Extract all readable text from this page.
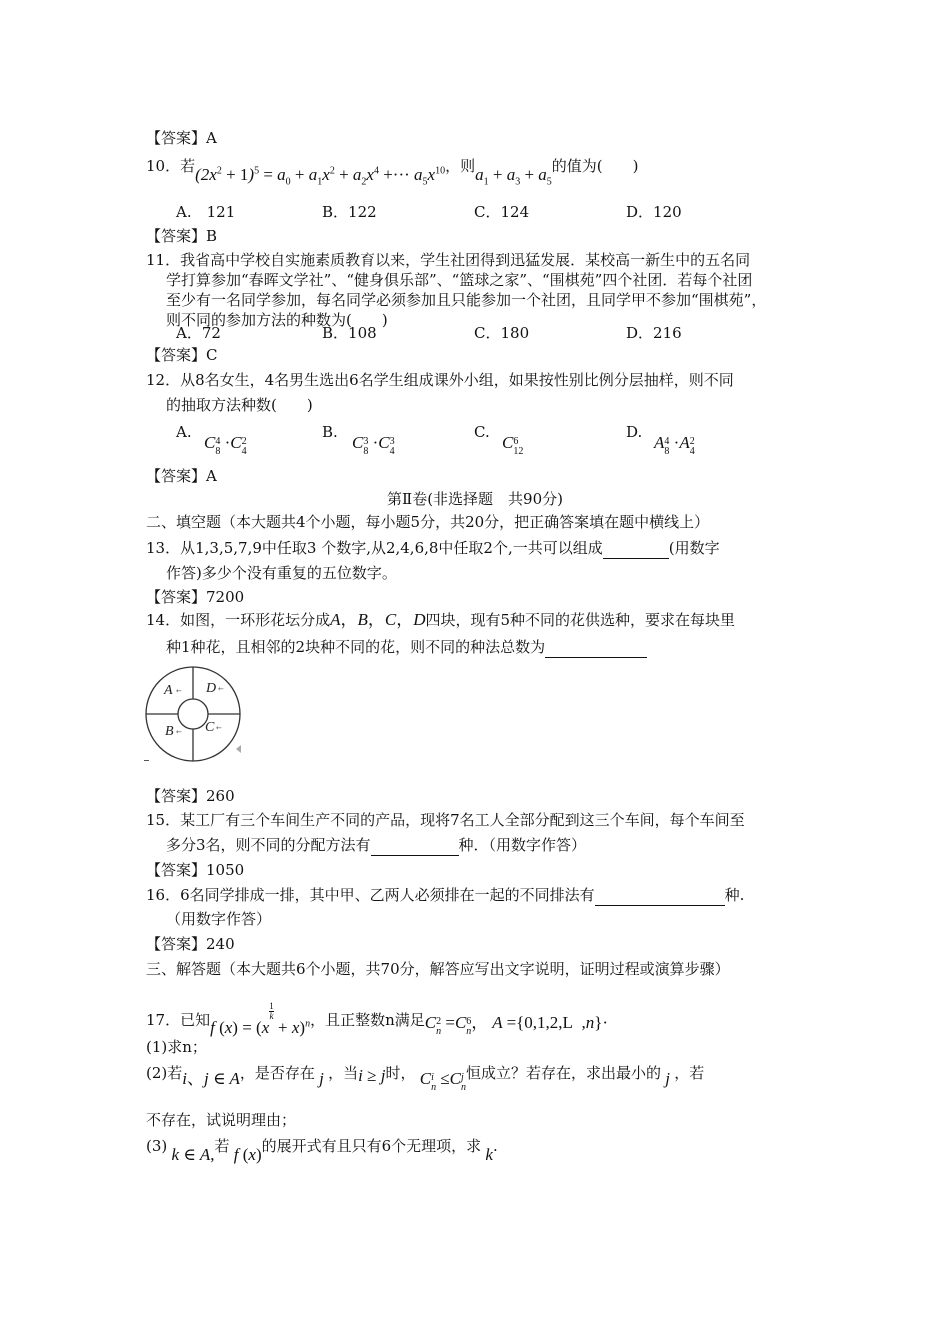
【答案】A
10．若$(2x^2 + 1)^5 = a_0 + a_1x^2 + a_2x^4$ +··· $a_5x^{10}$，则$a_1 + a_3 + a_5$的值为(　　)
A.　121	B．122	C．124	D．120
【答案】B
11．我省高中学校自实施素质教育以来，学生社团得到迅猛发展．某校高一新生中的五名同
学打算参加“春晖文学社”、“健身俱乐部”、“篮球之家”、“围棋苑”四个社团．若每个社团
至少有一名同学参加，每名同学必须参加且只能参加一个社团，且同学甲不参加“围棋苑”，
则不同的参加方法的种数为(　　)
A．72	B．108	C．180	D．216
【答案】C
12．从8名女生，4名男生选出6名学生组成课外小组，如果按性别比例分层抽样，则不同
的抽取方法种数(　　)
A.
C 4
8 ·C 2
4
B.
C 3
8 ·C 3
4
C.
C 6
12
D.
A 4
8 ·A 2
4
【答案】A
第Ⅱ卷(非选择题　共90分)
二、填空题（本大题共4个小题，每小题5分，共20分，把正确答案填在题中横线上）
13．从1,3,5,7,9中任取3 个数字,从2,4,6,8中任取2个,一共可以组成	(用数字
作答)多少个没有重复的五位数字。
【答案】7200
14．如图，一环形花坛分成A，B，C，D四块，现有5种不同的花供选种，要求在每块里
种1种花，且相邻的2块种不同的花，则不同的种法总数为
A ← D ←
B ← C ←
【答案】260
15．某工厂有三个车间生产不同的产品，现将7名工人全部分配到这三个车间，每个车间至
多分3名，则不同的分配方法有	种．（用数字作答）
【答案】1050
16．6名同学排成一排，其中甲、乙两人必须排在一起的不同排法有	种.
（用数字作答）
【答案】240
三、解答题（本大题共6个小题，共70分，解答应写出文字说明，证明过程或演算步骤）
17．已知f (x) = (x
$\frac{1}{k}$
+ x)$^n$，且正整数n满足C 2
n =C 6
n ， A ={0,1,2,L  ,n}·
(1)求n；
(2)若i、j ∈ A，是否存在 j ，当i ≥ j时， C i
n ≤C j
n
恒成立？若存在，求出最小的 j ，若
不存在，试说明理由；
(3) k ∈ A,若 f (x)的展开式有且只有6个无理项，求 k.
